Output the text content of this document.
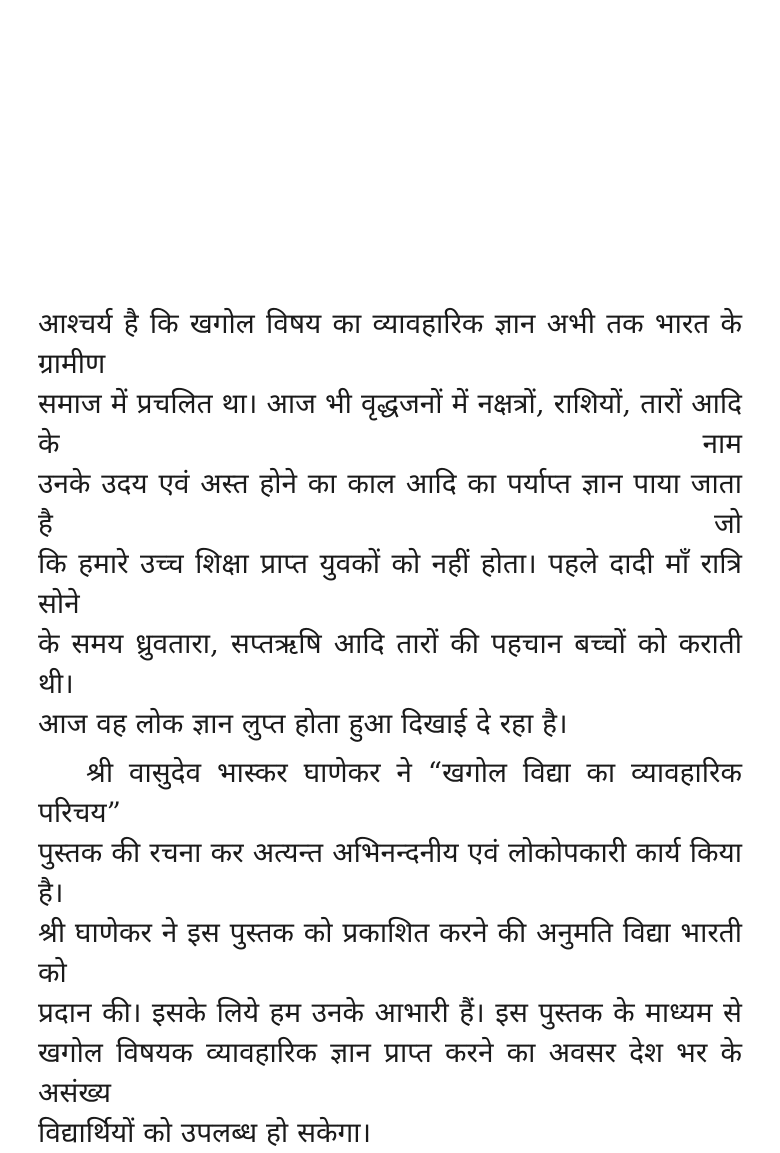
आश्चर्य है कि खगोल विषय का व्यावहारिक ज्ञान अभी तक भारत के ग्रामीण
समाज में प्रचलित था। आज भी वृद्धजनों में नक्षत्रों, राशियों, तारों आदि के नाम
उनके उदय एवं अस्त होने का काल आदि का पर्याप्त ज्ञान पाया जाता है जो
कि हमारे उच्च शिक्षा प्राप्त युवकों को नहीं होता। पहले दादी माँ रात्रि सोने
के समय ध्रुवतारा, सप्तऋषि आदि तारों की पहचान बच्चों को कराती थी।
आज वह लोक ज्ञान लुप्त होता हुआ दिखाई दे रहा है।
श्री वासुदेव भास्कर घाणेकर ने “खगोल विद्या का व्यावहारिक परिचय”
पुस्तक की रचना कर अत्यन्त अभिनन्दनीय एवं लोकोपकारी कार्य किया है।
श्री घाणेकर ने इस पुस्तक को प्रकाशित करने की अनुमति विद्या भारती को
प्रदान की। इसके लिये हम उनके आभारी हैं। इस पुस्तक के माध्यम से
खगोल विषयक व्यावहारिक ज्ञान प्राप्त करने का अवसर देश भर के असंख्य
विद्यार्थियों को उपलब्ध हो सकेगा।
